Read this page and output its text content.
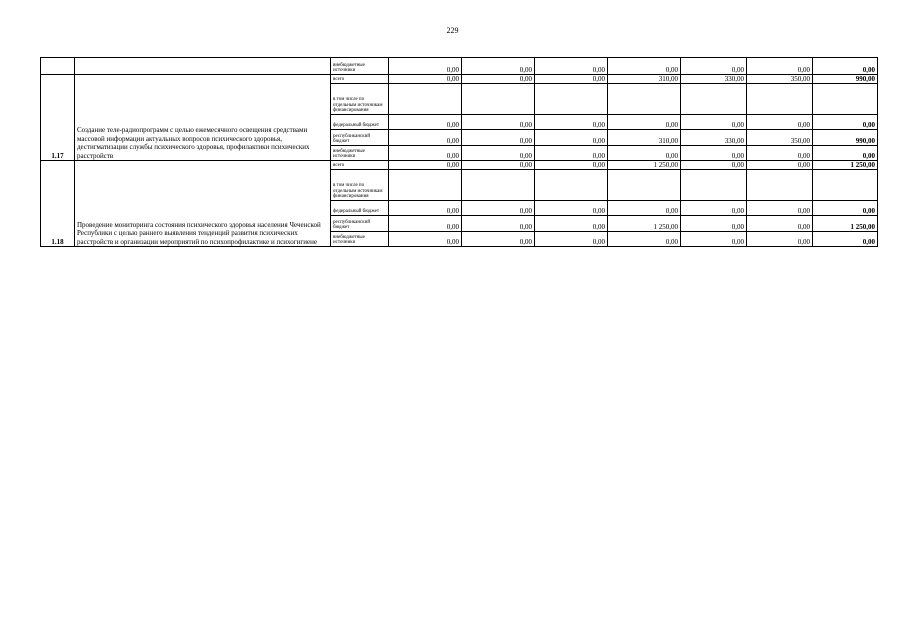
229
		внебюджетные источники	0,00	0,00	0,00	0,00	0,00	0,00	0,00
1.17	Создание теле-радиопрограмм с целью ежемесячного освещения средствами массовой информации актуальных вопросов психического здоровья, дестигматизации службы психического здоровья, профилактики психических расстройств	всего	0,00	0,00	0,00	310,00	330,00	350,00	990,00
		в том числе по отдельным источникам финансирования							
		федеральный бюджет	0,00	0,00	0,00	0,00	0,00	0,00	0,00
		республиканский бюджет	0,00	0,00	0,00	310,00	330,00	350,00	990,00
		внебюджетные источники	0,00	0,00	0,00	0,00	0,00	0,00	0,00
1.18	Проведение мониторинга состояния психического здоровья населения Чеченской Республики с целью раннего выявления тенденций развития психических расстройств и организации мероприятий по психопрофилактике и психогигиене	всего	0,00	0,00	0,00	1 250,00	0,00	0,00	1 250,00
		в том числе по отдельным источникам финансирования							
		федеральный бюджет	0,00	0,00	0,00	0,00	0,00	0,00	0,00
		республиканский бюджет	0,00	0,00	0,00	1 250,00	0,00	0,00	1 250,00
		внебюджетные источники	0,00	0,00	0,00	0,00	0,00	0,00	0,00
